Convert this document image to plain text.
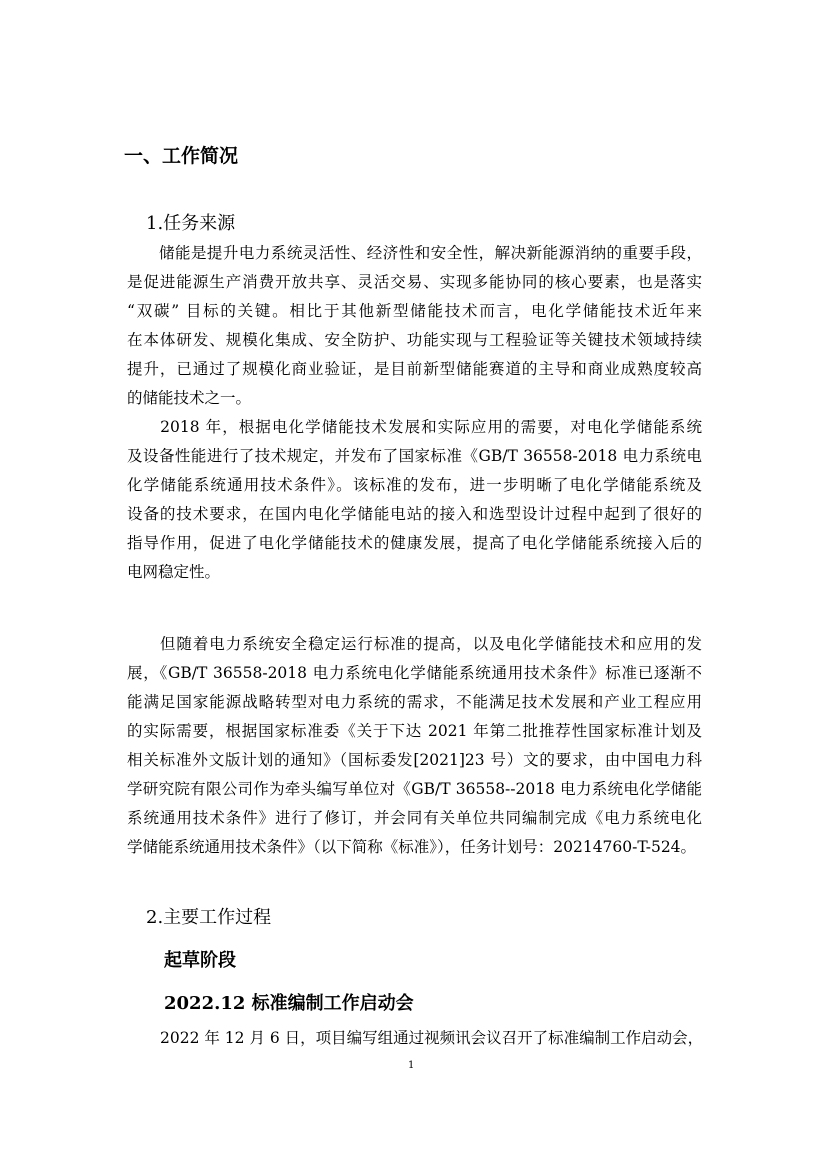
一、工作简况
1.任务来源
　　储能是提升电力系统灵活性、经济性和安全性，解决新能源消纳的重要手段，
是促进能源生产消费开放共享、灵活交易、实现多能协同的核心要素，也是落实
“双碳” 目标的关键。相比于其他新型储能技术而言，电化学储能技术近年来
在本体研发、规模化集成、安全防护、功能实现与工程验证等关键技术领域持续
提升，已通过了规模化商业验证，是目前新型储能赛道的主导和商业成熟度较高
的储能技术之一。
　　2018 年，根据电化学储能技术发展和实际应用的需要，对电化学储能系统
及设备性能进行了技术规定，并发布了国家标准《GB/T 36558-2018 电力系统电
化学储能系统通用技术条件》。该标准的发布，进一步明晰了电化学储能系统及
设备的技术要求，在国内电化学储能电站的接入和选型设计过程中起到了很好的
指导作用，促进了电化学储能技术的健康发展，提高了电化学储能系统接入后的
电网稳定性。
　　但随着电力系统安全稳定运行标准的提高，以及电化学储能技术和应用的发
展，《GB/T 36558-2018 电力系统电化学储能系统通用技术条件》标准已逐渐不
能满足国家能源战略转型对电力系统的需求，不能满足技术发展和产业工程应用
的实际需要，根据国家标准委《关于下达 2021 年第二批推荐性国家标准计划及
相关标准外文版计划的通知》（国标委发[2021]23 号）文的要求，由中国电力科
学研究院有限公司作为牵头编写单位对《GB/T 36558--2018 电力系统电化学储能
系统通用技术条件》进行了修订，并会同有关单位共同编制完成《电力系统电化
学储能系统通用技术条件》（以下简称《标准》），任务计划号：20214760-T-524。
2.主要工作过程
起草阶段
2022.12 标准编制工作启动会
2022 年 12 月 6 日，项目编写组通过视频讯会议召开了标准编制工作启动会，
1
